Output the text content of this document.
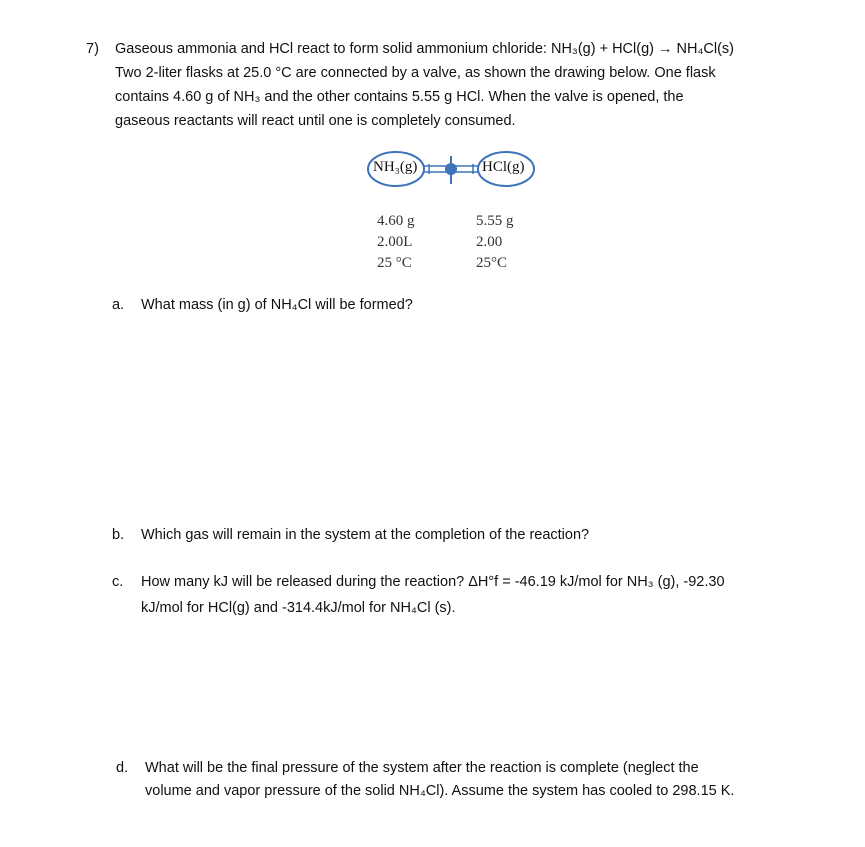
7) Gaseous ammonia and HCl react to form solid ammonium chloride: NH₃(g) + HCl(g) → NH₄Cl(s)
Two 2-liter flasks at 25.0 °C are connected by a valve, as shown the drawing below. One flask
contains 4.60 g of NH₃ and the other contains 5.55 g HCl. When the valve is opened, the
gaseous reactants will react until one is completely consumed.
NH₃(g)	HCl(g)
4.60 g
2.00L
25 °C
5.55 g
2.00
25°C
a. What mass (in g) of NH₄Cl will be formed?
b. Which gas will remain in the system at the completion of the reaction?
c. How many kJ will be released during the reaction? ΔH°f = -46.19 kJ/mol for NH₃ (g), -92.30
kJ/mol for HCl(g) and -314.4kJ/mol for NH₄Cl (s).
d. What will be the final pressure of the system after the reaction is complete (neglect the
volume and vapor pressure of the solid NH₄Cl). Assume the system has cooled to 298.15 K.
